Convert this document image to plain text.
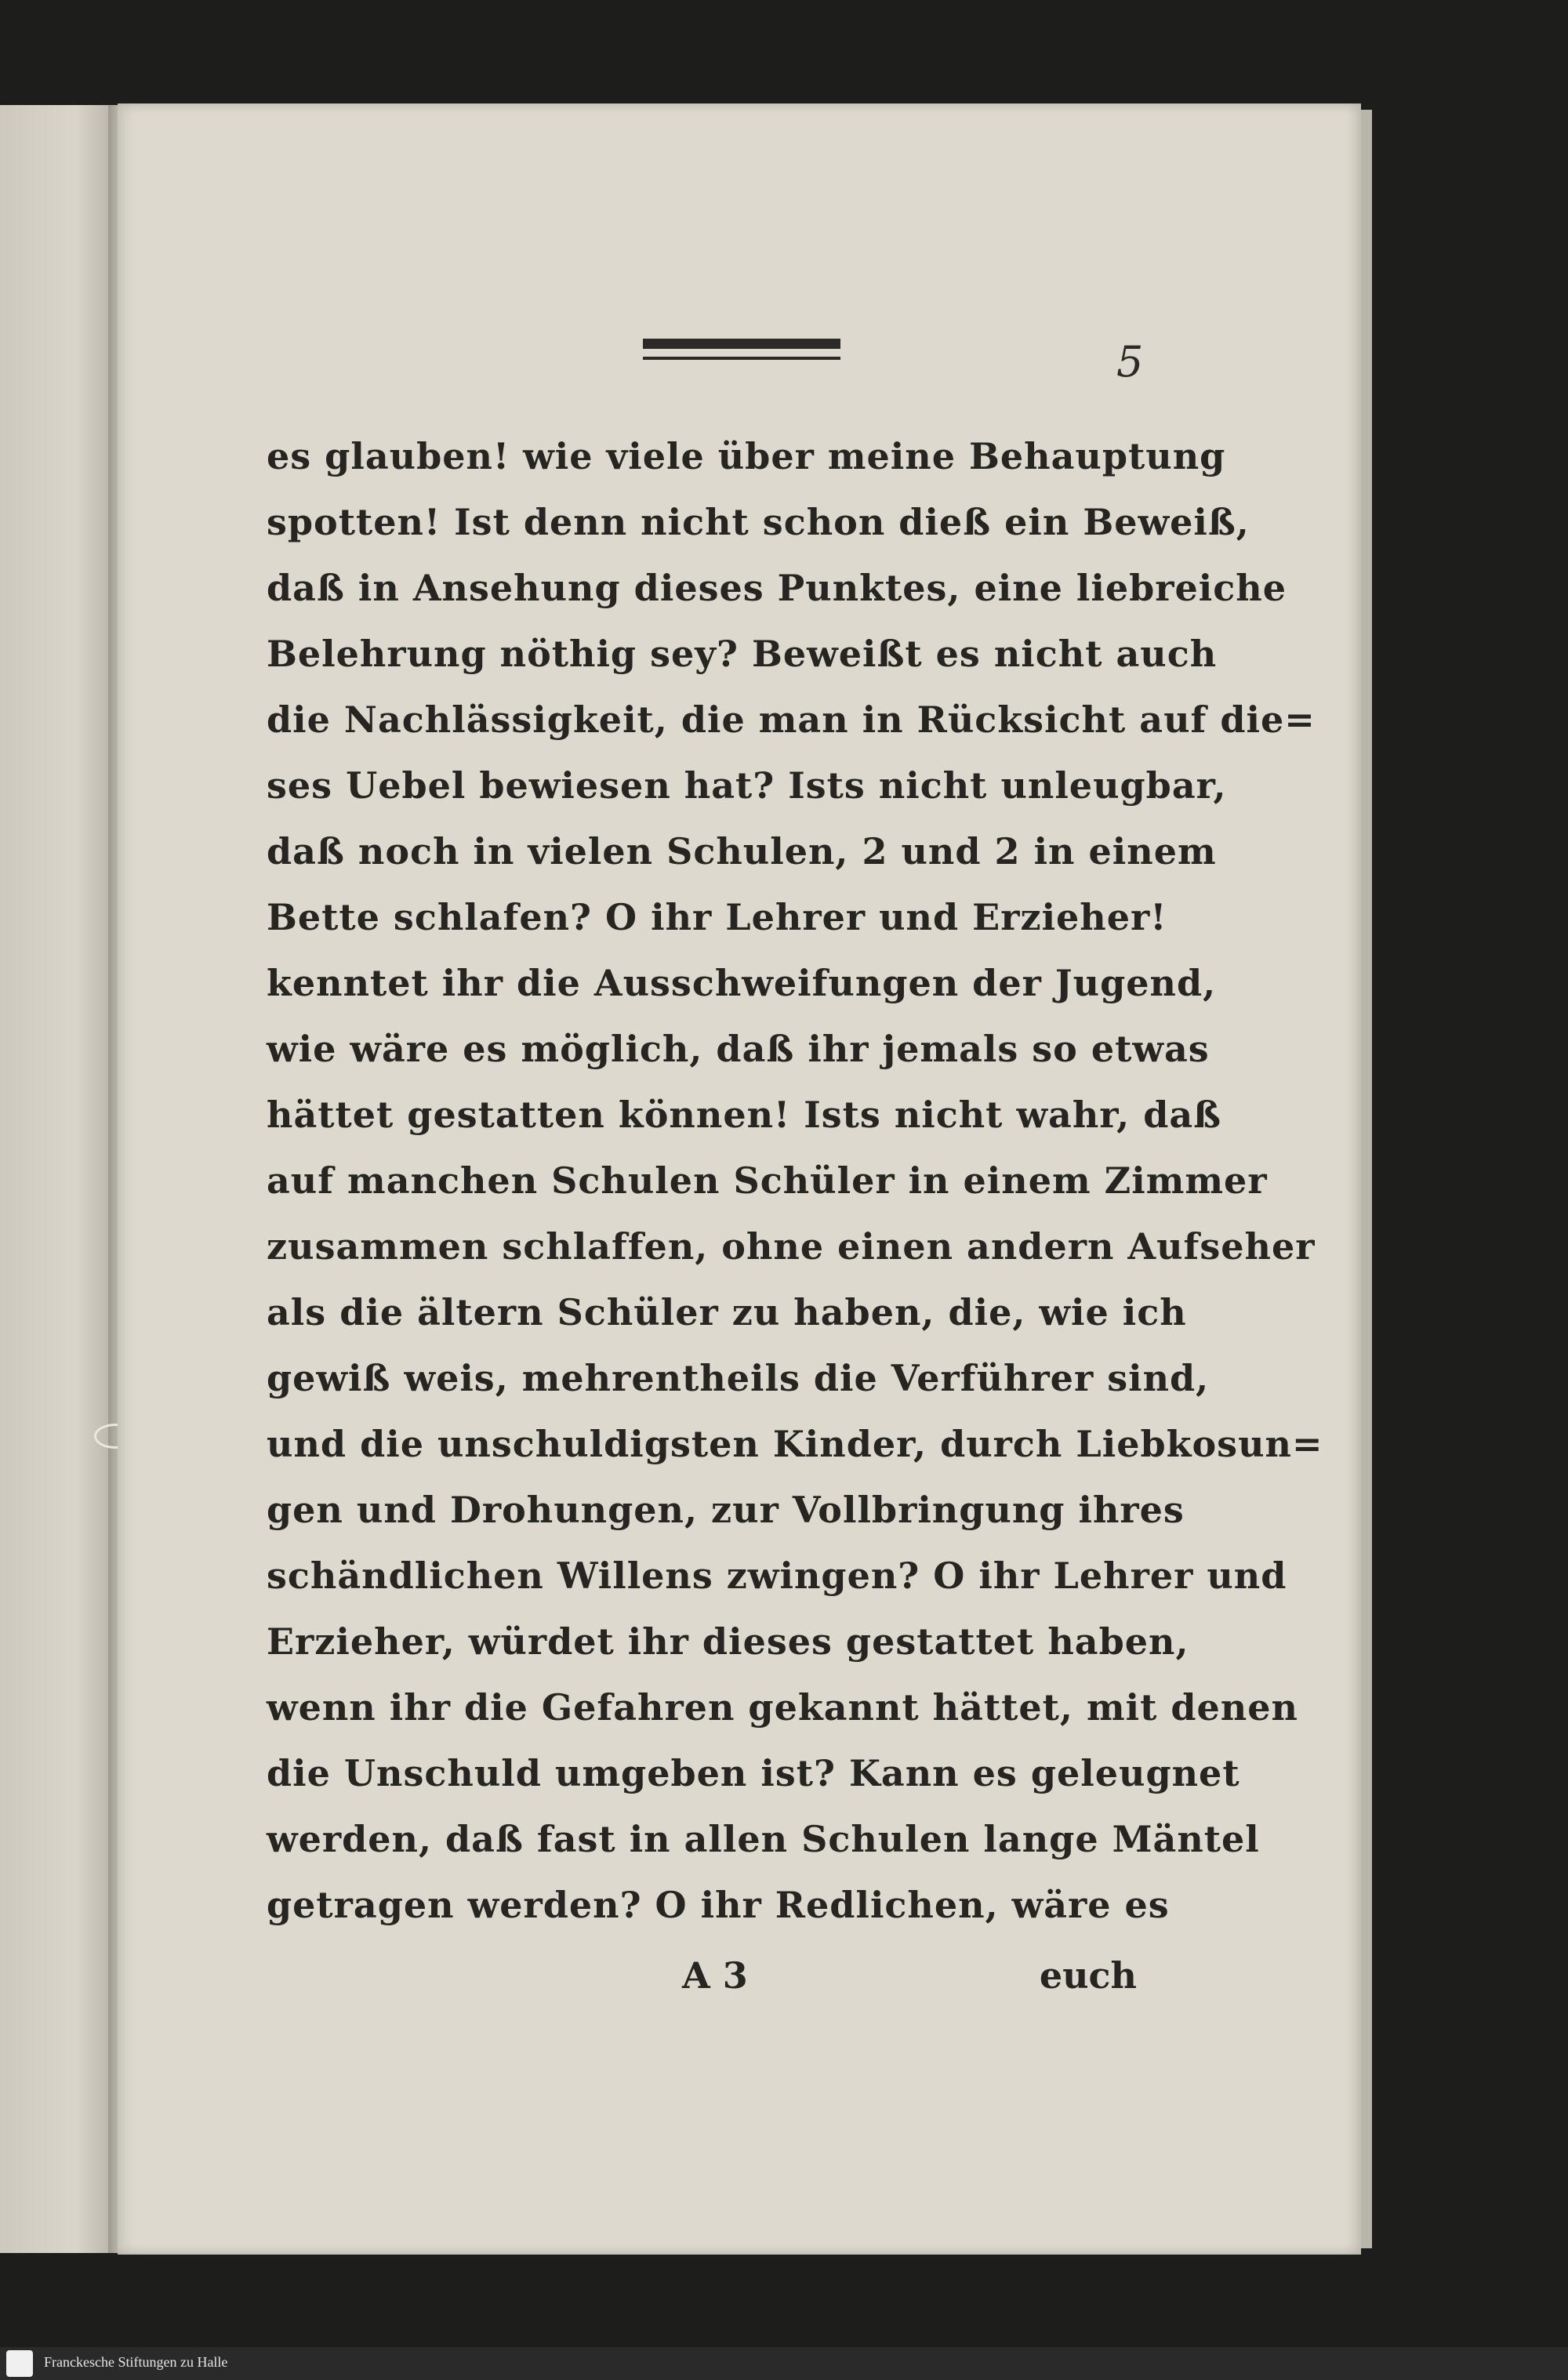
5
es glauben! wie viele über meine Behauptung
spotten! Ist denn nicht schon dieß ein Beweiß,
daß in Ansehung dieses Punktes, eine liebreiche
Belehrung nöthig sey? Beweißt es nicht auch
die Nachlässigkeit, die man in Rücksicht auf die=
ses Uebel bewiesen hat? Ists nicht unleugbar,
daß noch in vielen Schulen, 2 und 2 in einem
Bette schlafen? O ihr Lehrer und Erzieher!
kenntet ihr die Ausschweifungen der Jugend,
wie wäre es möglich, daß ihr jemals so etwas
hättet gestatten können! Ists nicht wahr, daß
auf manchen Schulen Schüler in einem Zimmer
zusammen schlaffen, ohne einen andern Aufseher
als die ältern Schüler zu haben, die, wie ich
gewiß weis, mehrentheils die Verführer sind,
und die unschuldigsten Kinder, durch Liebkosun=
gen und Drohungen, zur Vollbringung ihres
schändlichen Willens zwingen? O ihr Lehrer und
Erzieher, würdet ihr dieses gestattet haben,
wenn ihr die Gefahren gekannt hättet, mit denen
die Unschuld umgeben ist? Kann es geleugnet
werden, daß fast in allen Schulen lange Mäntel
getragen werden? O ihr Redlichen, wäre es
A 3	euch
Franckesche Stiftungen zu Halle
